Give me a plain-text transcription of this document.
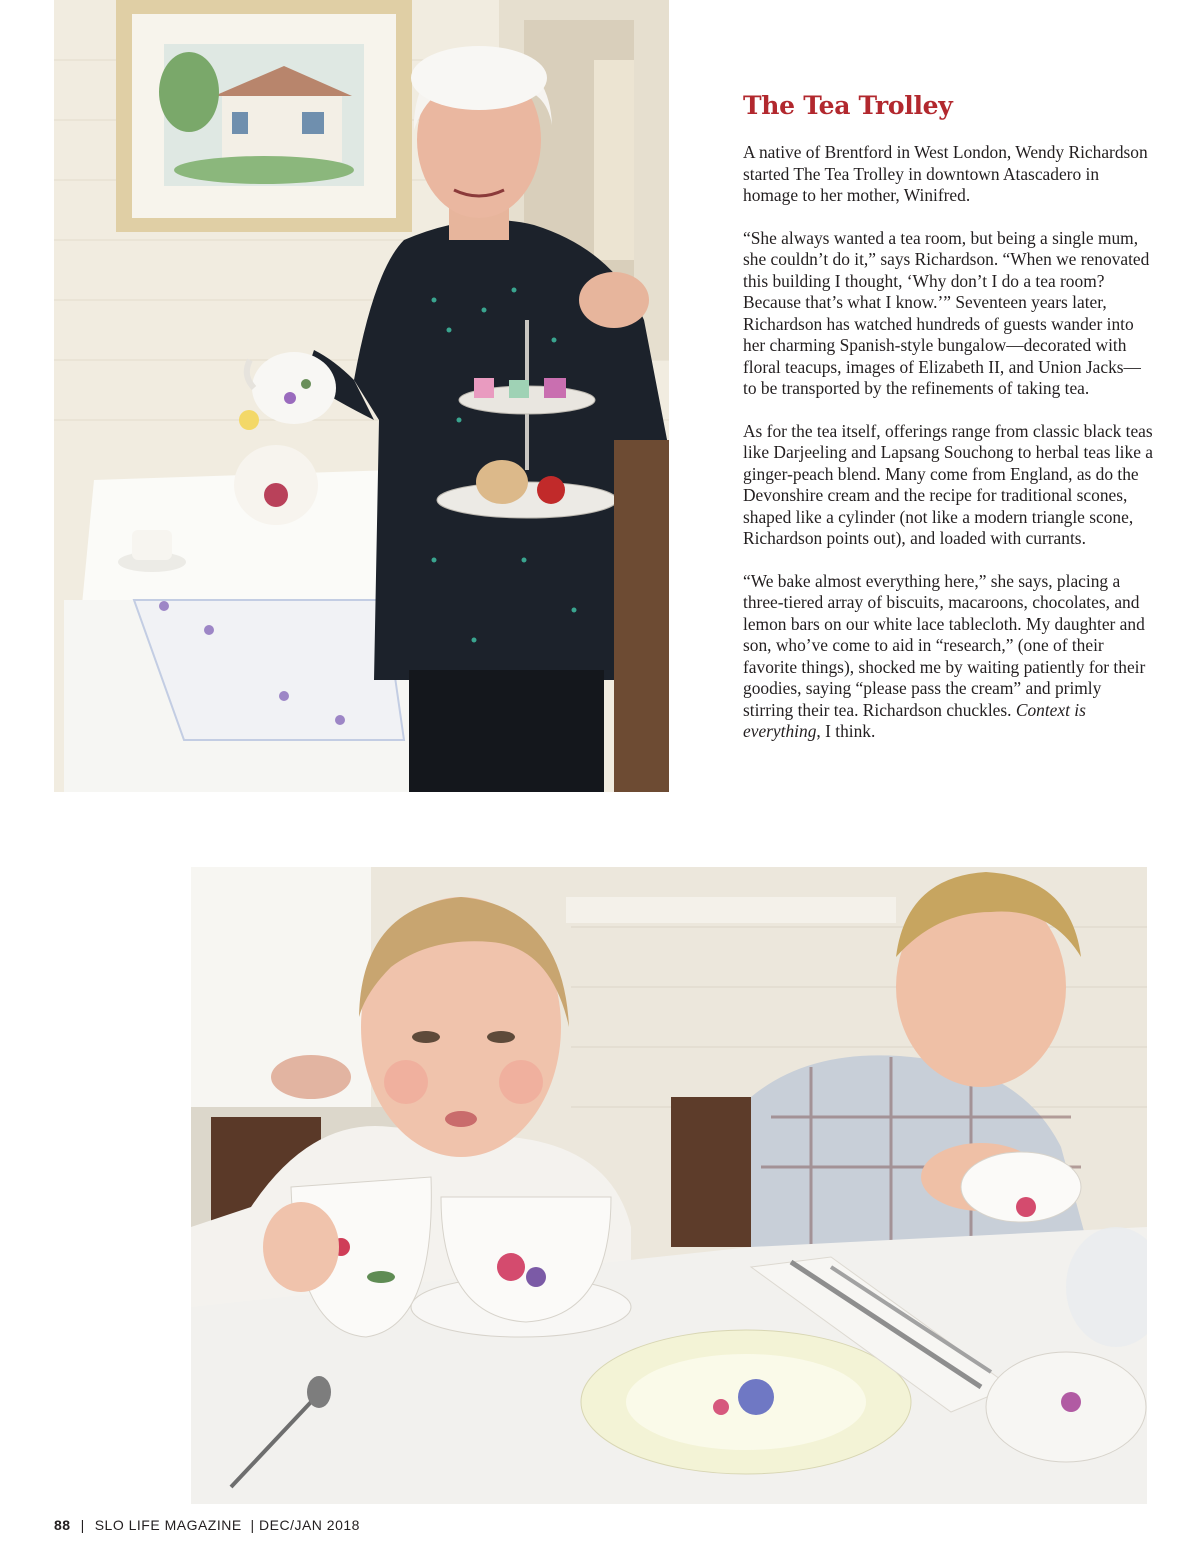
The Tea Trolley

A native of Brentford in West London, Wendy Richardson started The Tea Trolley in downtown Atascadero in homage to her mother, Winifred.

“She always wanted a tea room, but being a single mum, she couldn’t do it,” says Richardson. “When we renovated this building I thought, ‘Why don’t I do a tea room? Because that’s what I know.’” Seventeen years later, Richardson has watched hundreds of guests wander into her charming Spanish-style bungalow—decorated with floral teacups, images of Elizabeth II, and Union Jacks—to be transported by the refinements of taking tea.

As for the tea itself, offerings range from classic black teas like Darjeeling and Lapsang Souchong to herbal teas like a ginger-peach blend. Many come from England, as do the Devonshire cream and the recipe for traditional scones, shaped like a cylinder (not like a modern triangle scone, Richardson points out), and loaded with currants.

“We bake almost everything here,” she says, placing a three-tiered array of biscuits, macaroons, chocolates, and lemon bars on our white lace tablecloth. My daughter and son, who’ve come to aid in “research,” (one of their favorite things), shocked me by waiting patiently for their goodies, saying “please pass the cream” and primly stirring their tea. Richardson chuckles. Context is everything, I think.

88 | SLO LIFE MAGAZINE | DEC/JAN 2018
